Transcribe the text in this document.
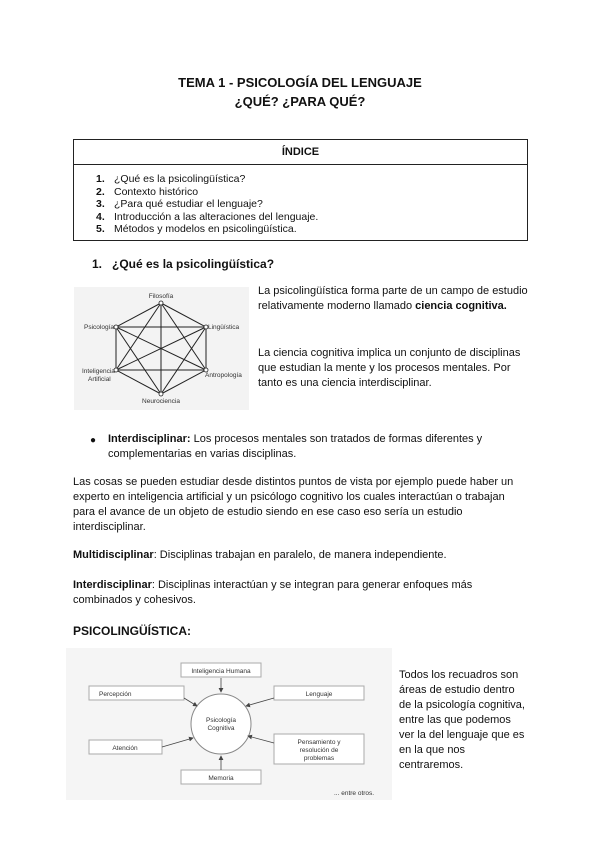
TEMA 1 - PSICOLOGÍA DEL LENGUAJE
¿QUÉ? ¿PARA QUÉ?
ÍNDICE
1. ¿Qué es la psicolingüística?
2. Contexto histórico
3. ¿Para qué estudiar el lenguaje?
4. Introducción a las alteraciones del lenguaje.
5. Métodos y modelos en psicolingüística.
1.   ¿Qué es la psicolingüística?
Filosofía
Psicología	Lingüística
Inteligencia
Artificial
Antropología
Neurociencia
La psicolingüística forma parte de un campo de estudio relativamente moderno llamado ciencia cognitiva.
La ciencia cognitiva implica un conjunto de disciplinas que estudian la mente y los procesos mentales. Por tanto es una ciencia interdisciplinar.
● Interdisciplinar: Los procesos mentales son tratados de formas diferentes y complementarias en varias disciplinas.
Las cosas se pueden estudiar desde distintos puntos de vista por ejemplo puede haber un experto en inteligencia artificial y un psicólogo cognitivo los cuales interactúan o trabajan para el avance de un objeto de estudio siendo en ese caso eso sería un estudio interdisciplinar.
Multidisciplinar: Disciplinas trabajan en paralelo, de manera independiente.
Interdisciplinar: Disciplinas interactúan y se integran para generar enfoques más combinados y cohesivos.
PSICOLINGÜÍSTICA:
Psicología
Cognitiva
Inteligencia Humana
Percepción	Lenguaje
Atención
Pensamiento y
resolución de
problemas
Memoria
... entre otros.
Todos los recuadros son áreas de estudio dentro de la psicología cognitiva, entre las que podemos ver la del lenguaje que es en la que nos centraremos.
